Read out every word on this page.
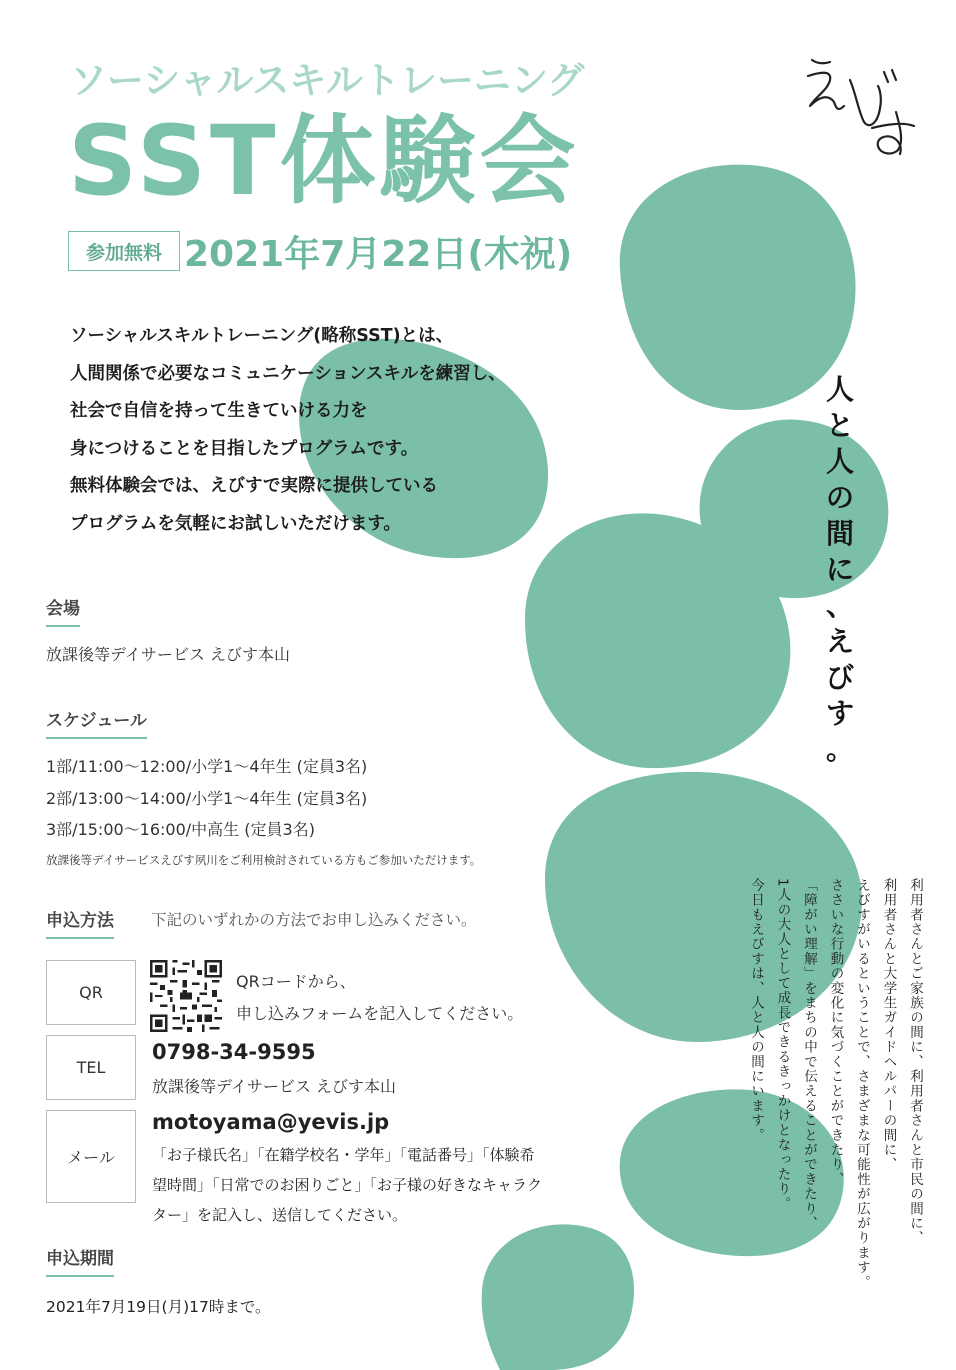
ソーシャルスキルトレーニング
SST体験会
参加無料 2021年7月22日(木祝)
ソーシャルスキルトレーニング(略称SST)とは、
人間関係で必要なコミュニケーションスキルを練習し、
社会で自信を持って生きていける力を
身につけることを目指したプログラムです。
無料体験会では、えびすで実際に提供している
プログラムを気軽にお試しいただけます。
人
と
人
の
間
に
、
え
び
す
。
会場
放課後等デイサービス えびす本山
スケジュール
1部/11:00〜12:00/小学1〜4年生 (定員3名)
2部/13:00〜14:00/小学1〜4年生 (定員3名)
3部/15:00〜16:00/中高生 (定員3名)
放課後等デイサービスえびす夙川をご利用検討されている方もご参加いただけます。
申込方法 下記のいずれかの方法でお申し込みください。
QR
TEL
メール
QRコードから、
申し込みフォームを記入してください。
0798-34-9595
放課後等デイサービス えびす本山
motoyama@yevis.jp
「お子様氏名」「在籍学校名・学年」「電話番号」「体験希
望時間」「日常でのお困りごと」「お子様の好きなキャラク
ター」を記入し、送信してください。
申込期間
2021年7月19日(月)17時まで。
利用者さんとご家族の間に、利用者さんと市民の間に、
利用者さんと大学生ガイドヘルパーの間に、
えびすがいるということで、さまざまな可能性が広がります。
ささいな行動の変化に気づくことができたり、
「障がい理解」をまちの中で伝えることができたり、
1人の大人として成長できるきっかけとなったり。
今日もえびすは、人と人の間にいます。
